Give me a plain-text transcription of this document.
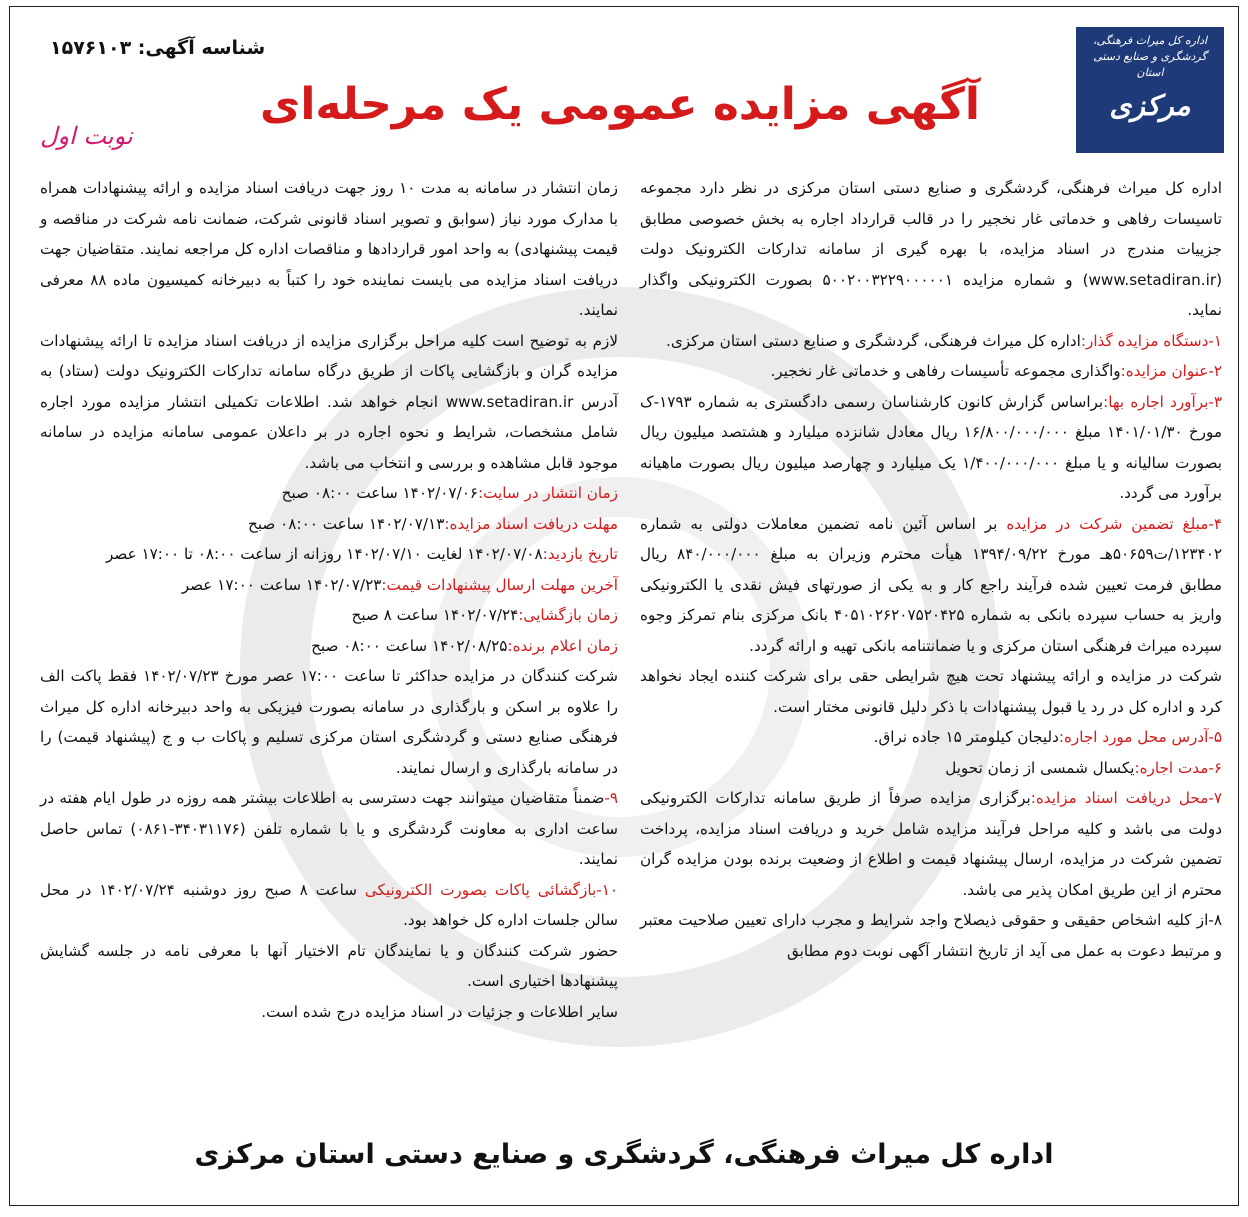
اداره کل میراث فرهنگی، گردشگری و صنایع دستی استان
مرکزی
شناسه آگهی: ۱۵۷۶۱۰۳
آگهی مزایده عمومی یک مرحله‌ای
نوبت اول

اداره کل میراث فرهنگی، گردشگری و صنایع دستی استان مرکزی در نظر دارد مجموعه تاسیسات رفاهی و خدماتی غار نخجیر را در قالب قرارداد اجاره به بخش خصوصی مطابق جزییات مندرج در اسناد مزایده، با بهره گیری از سامانه تدارکات الکترونیک دولت (www.setadiran.ir) و شماره مزایده ۵۰۰۲۰۰۳۲۲۹۰۰۰۰۰۱ بصورت الکترونیکی واگذار نماید.

۱-دستگاه مزایده گذار:اداره کل میراث فرهنگی، گردشگری و صنایع دستی استان مرکزی.

۲-عنوان مزایده:واگذاری مجموعه تأسیسات رفاهی و خدماتی غار نخجیر.

۳-برآورد اجاره بها:براساس گزارش کانون کارشناسان رسمی دادگستری به شماره ۱۷۹۳-ک مورخ ۱۴۰۱/۰۱/۳۰ مبلغ ۱۶/۸۰۰/۰۰۰/۰۰۰ ریال معادل شانزده میلیارد و هشتصد میلیون ریال بصورت سالیانه و یا مبلغ ۱/۴۰۰/۰۰۰/۰۰۰ یک میلیارد و چهارصد میلیون ریال بصورت ماهیانه برآورد می گردد.

۴-مبلغ تضمین شرکت در مزایده بر اساس آئین نامه تضمین معاملات دولتی به شماره ۱۲۳۴۰۲/ت۵۰۶۵۹هـ مورخ ۱۳۹۴/۰۹/۲۲ هیأت محترم وزیران به مبلغ ۸۴۰/۰۰۰/۰۰۰ ریال مطابق فرمت تعیین شده فرآیند راجع کار و به یکی از صورتهای فیش نقدی یا الکترونیکی واریز به حساب سپرده بانکی به شماره ۴۰۵۱۰۲۶۲۰۷۵۲۰۴۲۵ بانک مرکزی بنام تمرکز وجوه سپرده میراث فرهنگی استان مرکزی و یا ضمانتنامه بانکی تهیه و ارائه گردد.

شرکت در مزایده و ارائه پیشنهاد تحت هیچ شرایطی حقی برای شرکت کننده ایجاد نخواهد کرد و اداره کل در رد یا قبول پیشنهادات با ذکر دلیل قانونی مختار است.

۵-آدرس محل مورد اجاره:دلیجان کیلومتر ۱۵ جاده نراق.

۶-مدت اجاره:یکسال شمسی از زمان تحویل

۷-محل دریافت اسناد مزایده:برگزاری مزایده صرفاً از طریق سامانه تدارکات الکترونیکی دولت می باشد و کلیه مراحل فرآیند مزایده شامل خرید و دریافت اسناد مزایده، پرداخت تضمین شرکت در مزایده، ارسال پیشنهاد قیمت و اطلاع از وضعیت برنده بودن مزایده گران محترم از این طریق امکان پذیر می باشد.

۸-از کلیه اشخاص حقیقی و حقوقی ذیصلاح واجد شرایط و مجرب دارای تعیین صلاحیت معتبر و مرتبط دعوت به عمل می آید از تاریخ انتشار آگهی نوبت دوم مطابق

زمان انتشار در سامانه به مدت ۱۰ روز جهت دریافت اسناد مزایده و ارائه پیشنهادات همراه با مدارک مورد نیاز (سوابق و تصویر اسناد قانونی شرکت، ضمانت نامه شرکت در مناقصه و قیمت پیشنهادی) به واحد امور قراردادها و مناقصات اداره کل مراجعه نمایند. متقاضیان جهت دریافت اسناد مزایده می بایست نماینده خود را کتباً به دبیرخانه کمیسیون ماده ۸۸ معرفی نمایند.

لازم به توضیح است کلیه مراحل برگزاری مزایده از دریافت اسناد مزایده تا ارائه پیشنهادات مزایده گران و بازگشایی پاکات از طریق درگاه سامانه تدارکات الکترونیک دولت (ستاد) به آدرس www.setadiran.ir انجام خواهد شد. اطلاعات تکمیلی انتشار مزایده مورد اجاره شامل مشخصات، شرایط و نحوه اجاره در بر داعلان عمومی سامانه مزایده در سامانه موجود قابل مشاهده و بررسی و انتخاب می باشد.

زمان انتشار در سایت:۱۴۰۲/۰۷/۰۶ ساعت ۰۸:۰۰ صبح

مهلت دریافت اسناد مزایده:۱۴۰۲/۰۷/۱۳ ساعت ۰۸:۰۰ صبح

تاریخ بازدید:۱۴۰۲/۰۷/۰۸ لغایت ۱۴۰۲/۰۷/۱۰ روزانه از ساعت ۰۸:۰۰ تا ۱۷:۰۰ عصر

آخرین مهلت ارسال پیشنهادات قیمت:۱۴۰۲/۰۷/۲۳ ساعت ۱۷:۰۰ عصر

زمان بازگشایی:۱۴۰۲/۰۷/۲۴ ساعت ۸ صبح

زمان اعلام برنده:۱۴۰۲/۰۸/۲۵ ساعت ۰۸:۰۰ صبح

شرکت کنندگان در مزایده حداکثر تا ساعت ۱۷:۰۰ عصر مورخ ۱۴۰۲/۰۷/۲۳ فقط پاکت الف را علاوه بر اسکن و بارگذاری در سامانه بصورت فیزیکی به واحد دبیرخانه اداره کل میراث فرهنگی صنایع دستی و گردشگری استان مرکزی تسلیم و پاکات ب و ج (پیشنهاد قیمت) را در سامانه بارگذاری و ارسال نمایند.

۹-ضمناً متقاضیان میتوانند جهت دسترسی به اطلاعات بیشتر همه روزه در طول ایام هفته در ساعت اداری به معاونت گردشگری و یا با شماره تلفن (۳۴۰۳۱۱۷۶-۰۸۶۱) تماس حاصل نمایند.

۱۰-بازگشائی پاکات بصورت الکترونیکی ساعت ۸ صبح روز دوشنبه ۱۴۰۲/۰۷/۲۴ در محل سالن جلسات اداره کل خواهد بود.

حضور شرکت کنندگان و یا نمایندگان تام الاختیار آنها با معرفی نامه در جلسه گشایش پیشنهادها اختیاری است.

سایر اطلاعات و جزئیات در اسناد مزایده درج شده است.

اداره کل میراث فرهنگی، گردشگری و صنایع دستی استان مرکزی
